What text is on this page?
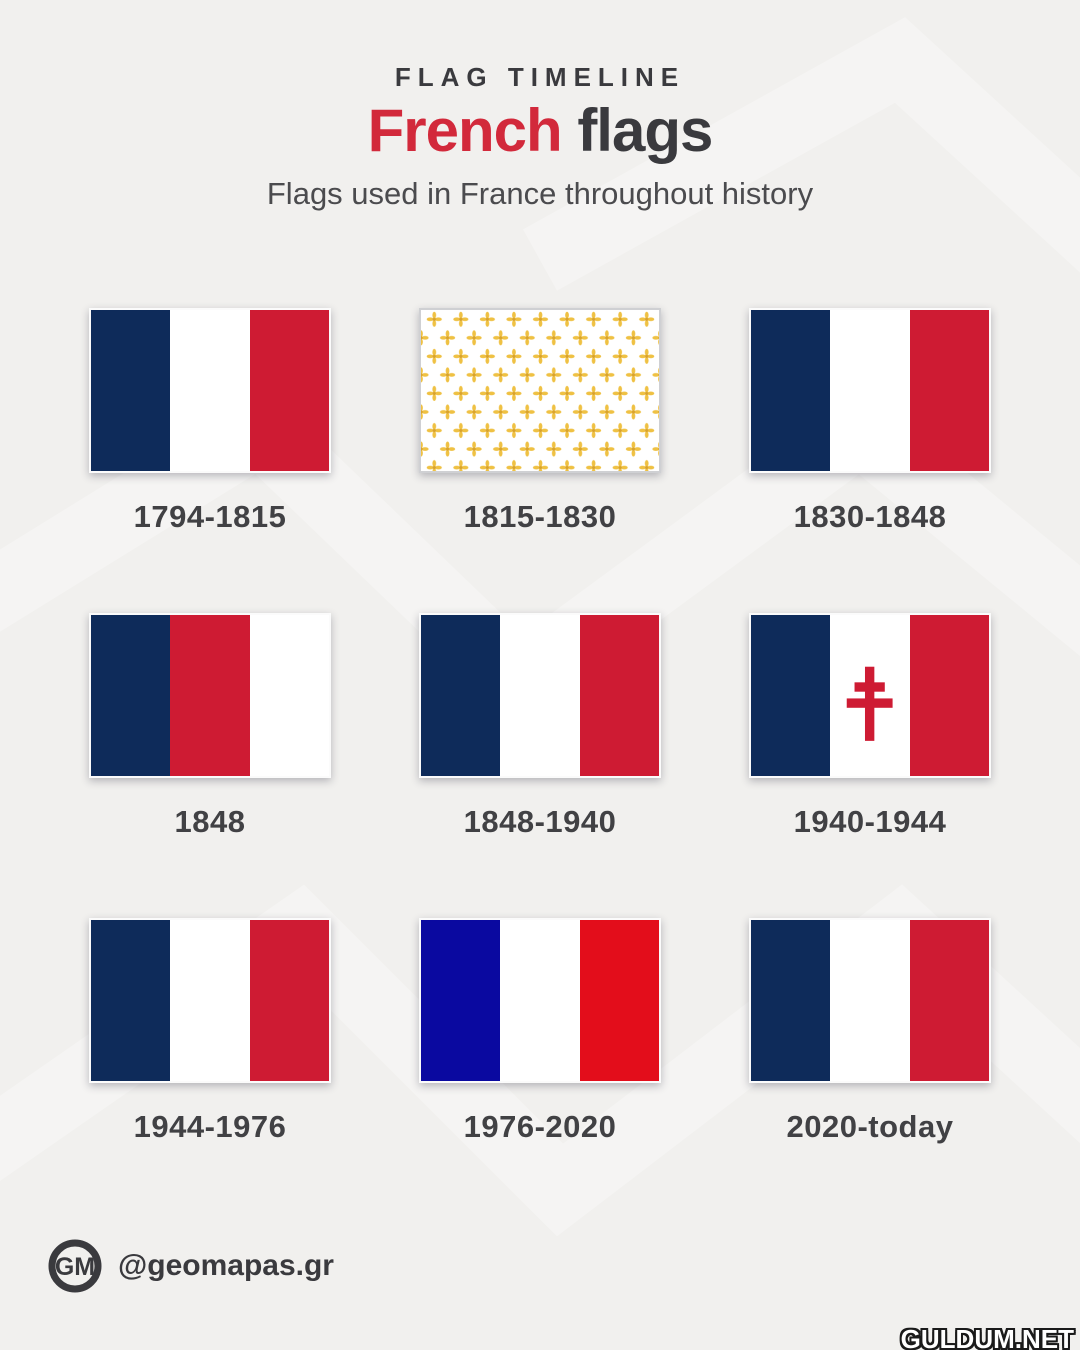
FLAG TIMELINE
French flags
Flags used in France throughout history
1794-1815	1815-1830	1830-1848
1848	1848-1940	1940-1944
1944-1976	1976-2020	2020-today
GM @geomapas.gr
GULDUM.NET
